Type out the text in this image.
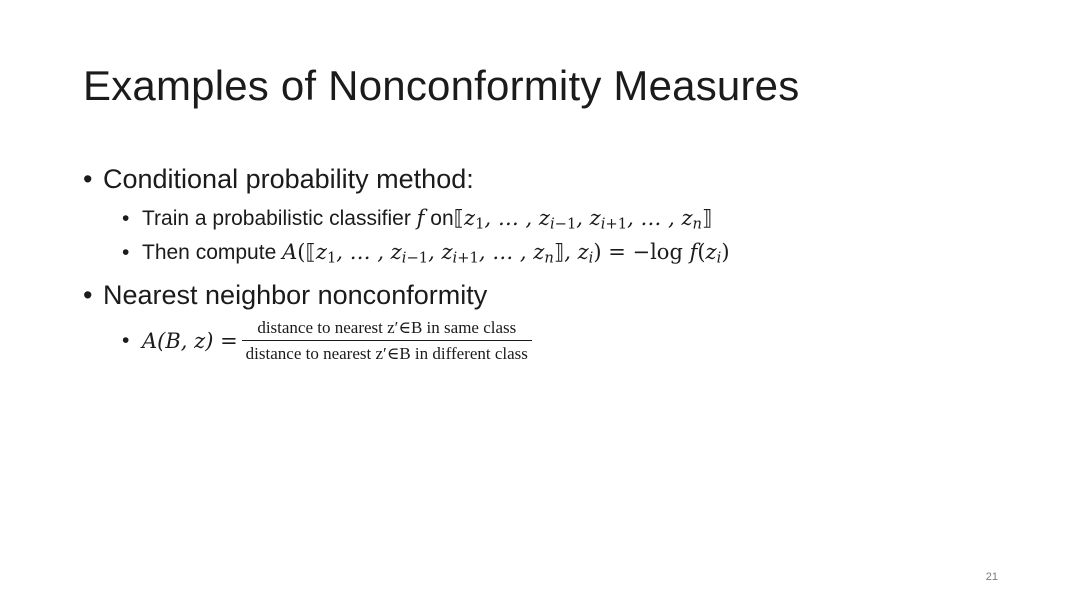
Examples of Nonconformity Measures
• Conditional probability method:
• Train a probabilistic classifier f $on⟦z_1$, … , $z_{i-1}$, $z_{i+1}$, … , $z_n⟧$
• Then compute $A(⟦z_1$, … , $z_{i-1}$, $z_{i+1}$, … , $z_n⟧$, $z_i) = -\log$ $f(z_i)$
• Nearest neighbor nonconformity
• A(B, $z) = \frac{\text{distance to nearest z′∈B in same class}}{\text{distance to nearest z′∈B in different class}}$
21
